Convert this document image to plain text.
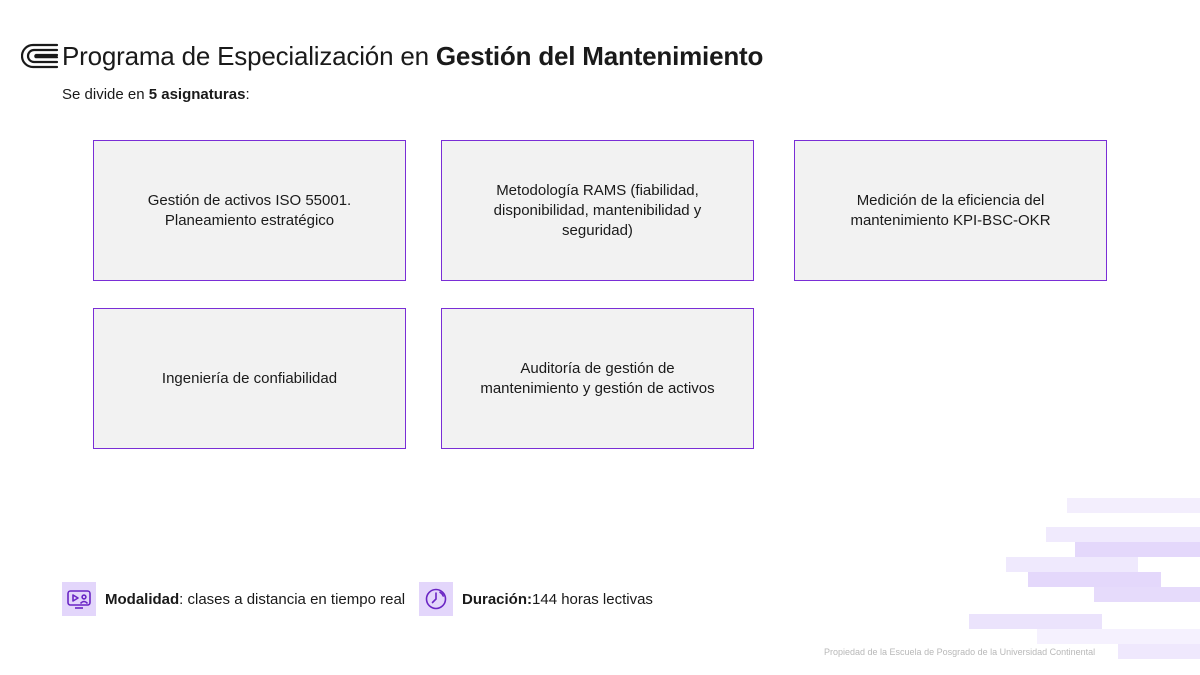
Programa de Especialización en Gestión del Mantenimiento
Se divide en 5 asignaturas:
Gestión de activos ISO 55001. Planeamiento estratégico
Metodología RAMS (fiabilidad, disponibilidad, mantenibilidad y seguridad)
Medición de la eficiencia del mantenimiento KPI-BSC-OKR
Ingeniería de confiabilidad
Auditoría de gestión de mantenimiento y gestión de activos
Modalidad : clases a distancia en tiempo real	Duración: 144 horas lectivas
Propiedad de la Escuela de Posgrado de la Universidad Continental
